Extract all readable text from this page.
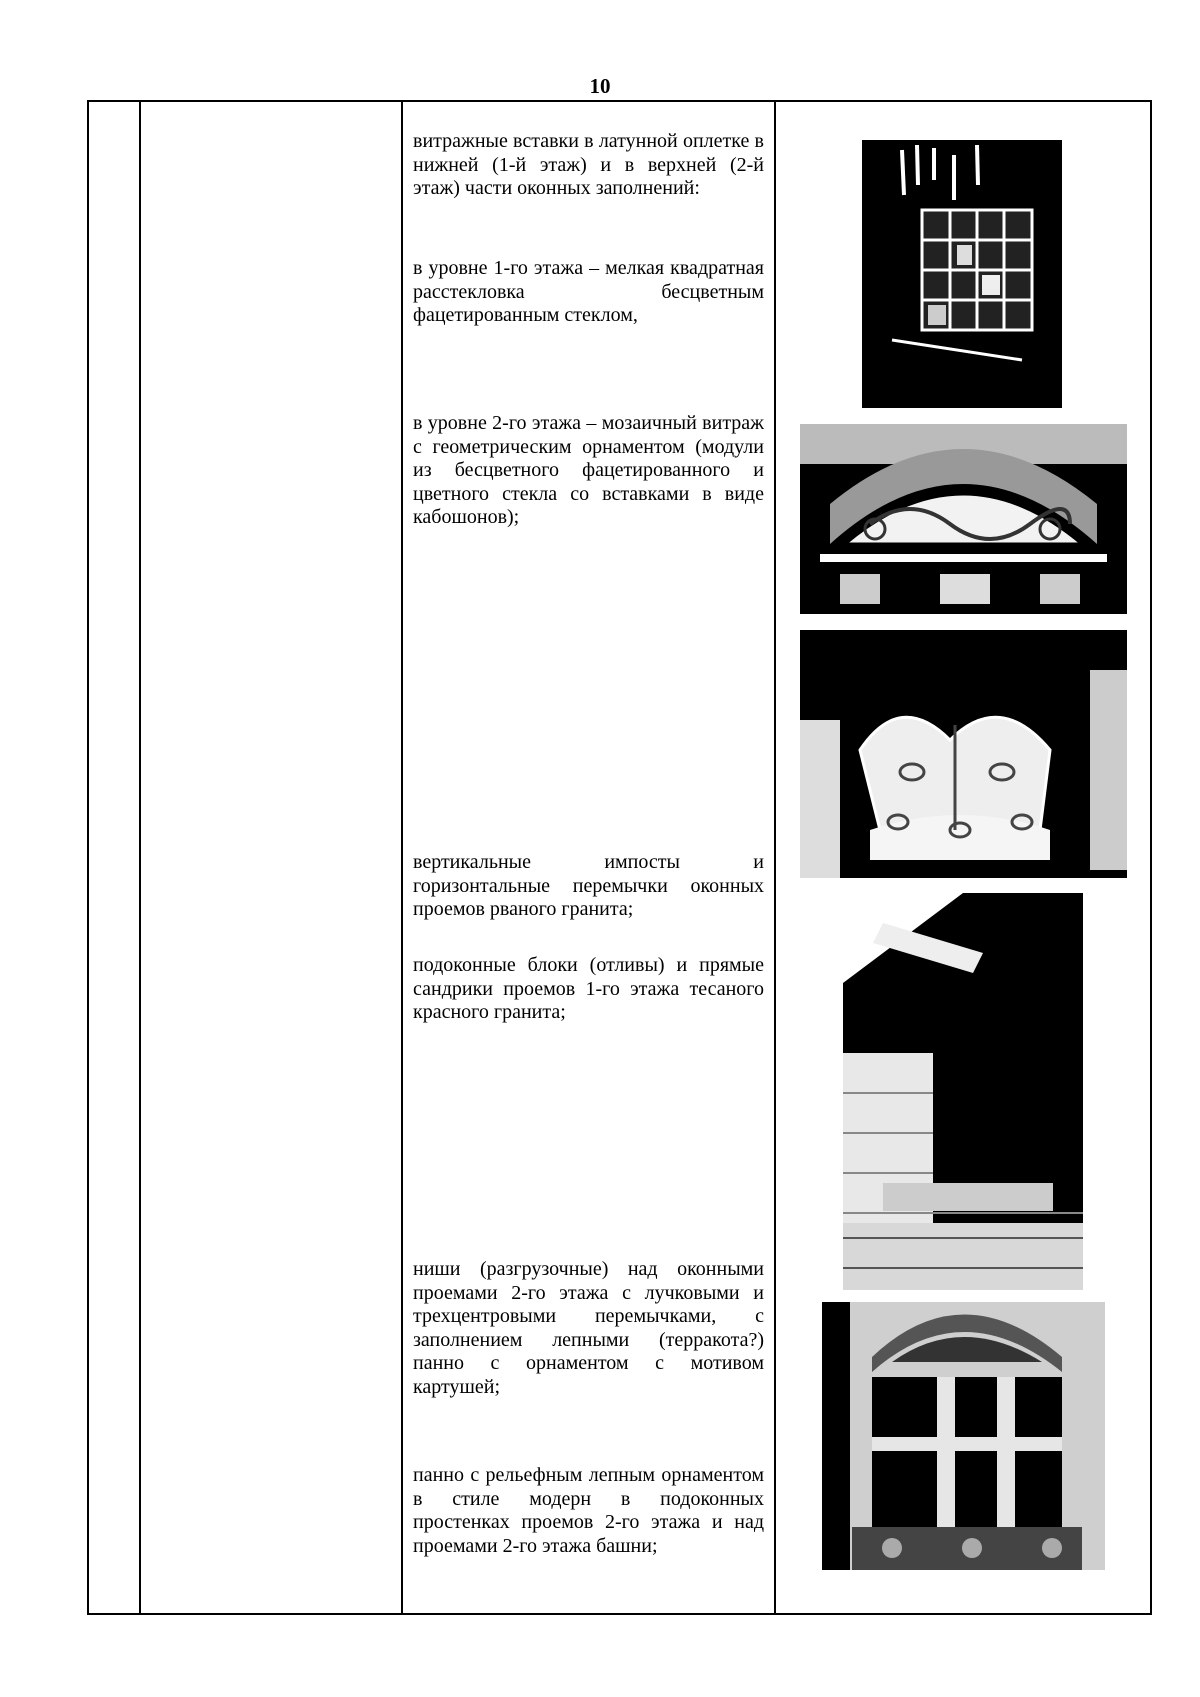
10
витражные вставки в латунной оплетке в нижней (1-й этаж) и в верхней (2-й этаж) части оконных заполнений:
в уровне 1-го этажа – мелкая квадратная расстекловка бесцветным фацетированным стеклом,
в уровне 2-го этажа – мозаичный витраж с геометрическим орнаментом (модули из бесцветного фацетированного и цветного стекла со вставками в виде кабошонов);
вертикальные импосты и горизонтальные перемычки оконных проемов рваного гранита;
подоконные блоки (отливы) и прямые сандрики проемов 1-го этажа тесаного красного гранита;
ниши (разгрузочные) над оконными проемами 2-го этажа с лучковыми и трехцентровыми перемычками, с заполнением лепными (терракота?) панно с орнаментом с мотивом картушей;
панно с рельефным лепным орнаментом в стиле модерн в подоконных простенках проемов 2-го этажа и над проемами 2-го этажа башни;
